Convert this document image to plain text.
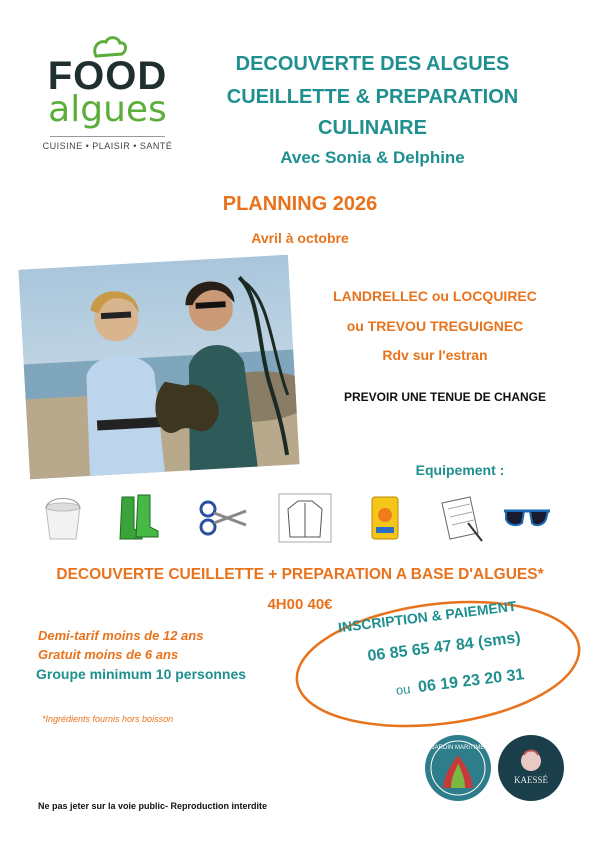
FOOD
algues
CUISINE • PLAISIR • SANTÉ
DECOUVERTE DES ALGUES
CUEILLETTE & PREPARATION
CULINAIRE
Avec Sonia & Delphine
PLANNING 2026
Avril à octobre
LANDRELLEC ou LOCQUIREC
ou TREVOU TREGUIGNEC
Rdv sur l'estran
PREVOIR UNE TENUE DE CHANGE
Equipement :
DECOUVERTE CUEILLETTE + PREPARATION A BASE D'ALGUES*
4H00 40€
Demi-tarif moins de 12 ans
Gratuit moins de 6 ans
Groupe minimum 10 personnes
*Ingrédients fournis hors boisson
INSCRIPTION & PAIEMENT
06 85 65 47 84 (sms)
ou 06 19 23 20 31
JARDIN MARITIME
KAESSÉ
Ne pas jeter sur la voie public- Reproduction interdite
